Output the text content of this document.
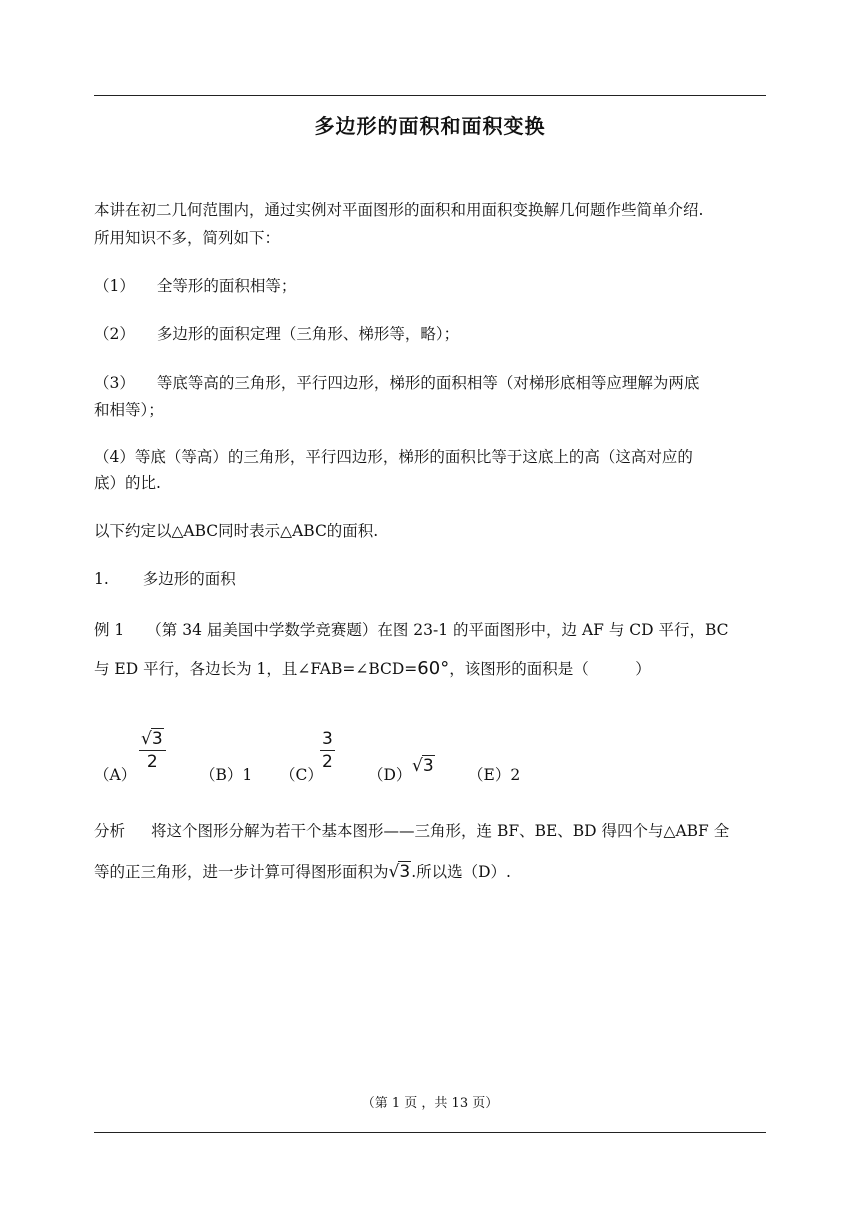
多边形的面积和面积变换
本讲在初二几何范围内，通过实例对平面图形的面积和用面积变换解几何题作些简单介绍.
所用知识不多，简列如下：
（1） 全等形的面积相等；
（2） 多边形的面积定理（三角形、梯形等，略）；
（3） 等底等高的三角形，平行四边形，梯形的面积相等（对梯形底相等应理解为两底
和相等）；
（4）等底（等高）的三角形，平行四边形，梯形的面积比等于这底上的高（这高对应的
底）的比.
以下约定以△ABC同时表示△ABC的面积.
1. 多边形的面积
例 1 （第 34 届美国中学数学竞赛题）在图 23-1 的平面图形中，边 AF 与 CD 平行，BC
与 ED 平行，各边长为 1，且∠FAB=∠BCD=60°，该图形的面积是（　　　）
（A）
$\frac{√3}{2}$
（B）1 （C）
$\frac{3}{2}$
（D） √3 （E）2
分析 将这个图形分解为若干个基本图形——三角形，连 BF、BE、BD 得四个与△ABF 全
等的正三角形，进一步计算可得图形面积为√3.所以选（D）.
（第 1 页 ，共 13 页）
